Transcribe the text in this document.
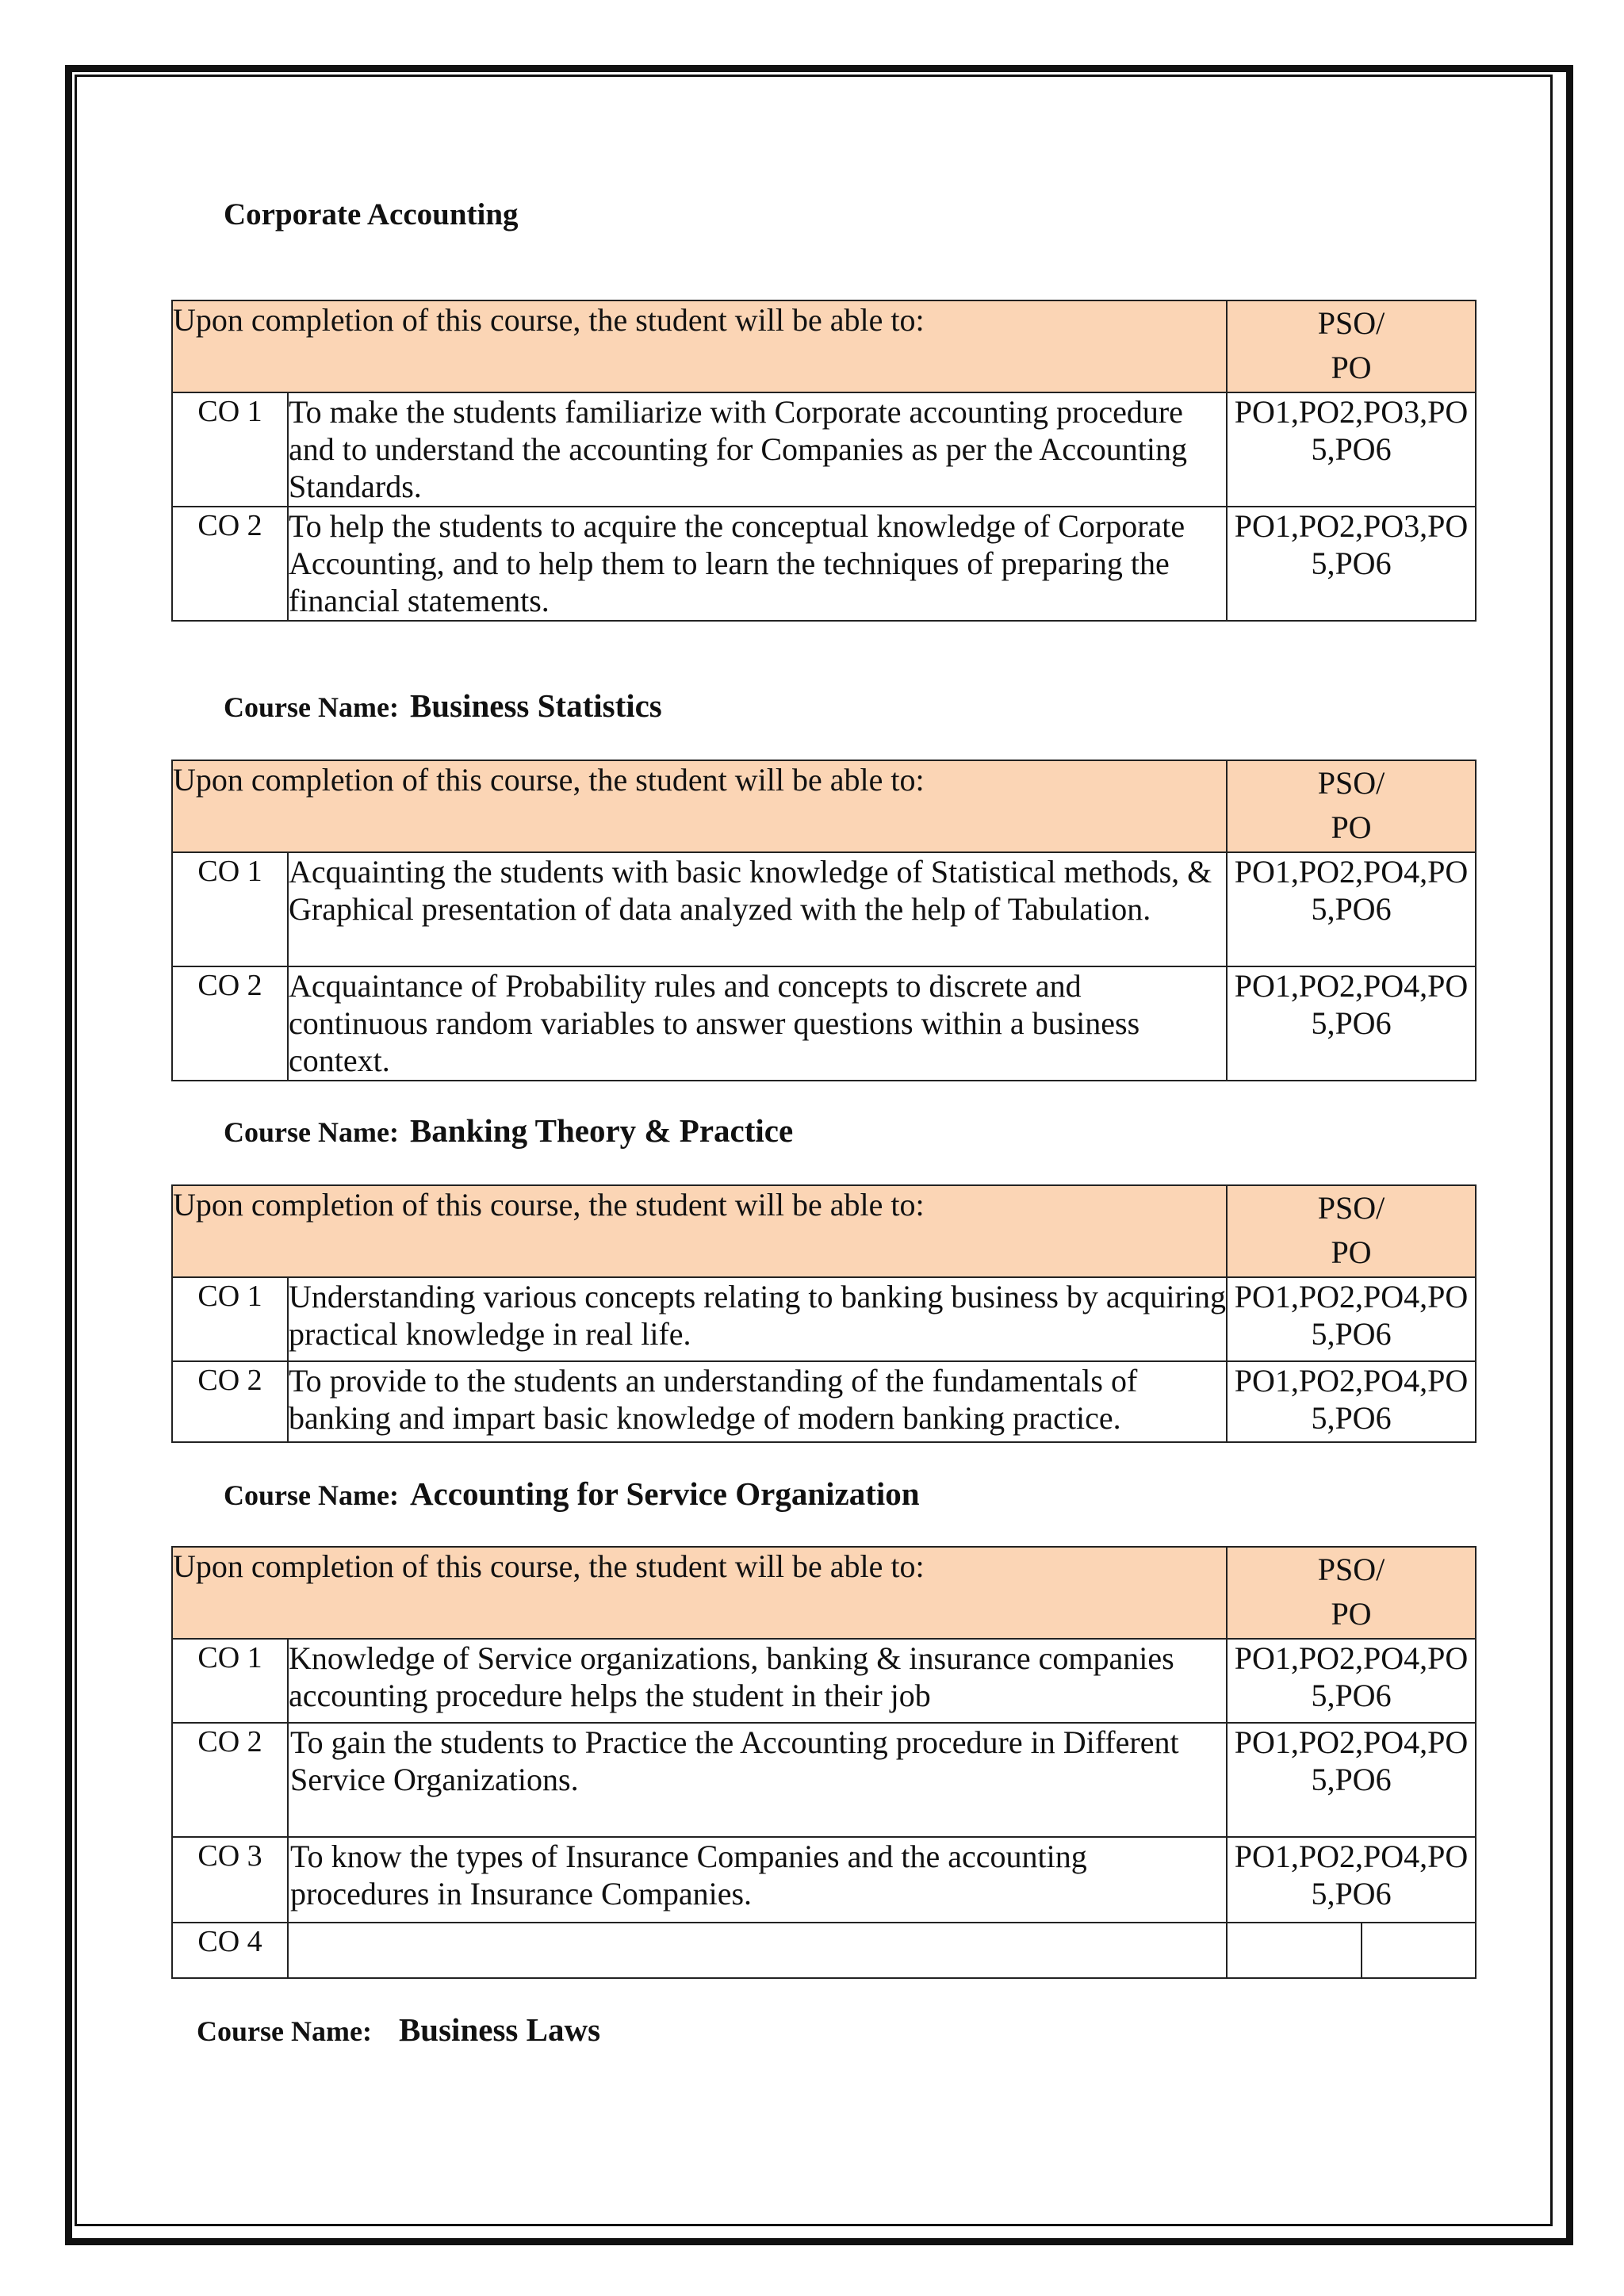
Corporate Accounting
Upon completion of this course, the student will be able to:		PSO/
PO

CO 1	To make the students familiarize with Corporate accounting procedure and to understand the accounting for Companies as per the Accounting Standards.	PO1,PO2,PO3,PO 5,PO6
CO 2	To help the students to acquire the conceptual knowledge of Corporate Accounting, and to help them to learn the techniques of preparing the financial statements.	PO1,PO2,PO3,PO 5,PO6
Course Name: Business Statistics
Upon completion of this course, the student will be able to:		PSO/
PO

CO 1	Acquainting the students with basic knowledge of Statistical methods, & Graphical presentation of data analyzed with the help of Tabulation.	PO1,PO2,PO4,PO 5,PO6
CO 2	Acquaintance of Probability rules and concepts to discrete and continuous random variables to answer questions within a business context.	PO1,PO2,PO4,PO 5,PO6
Course Name: Banking Theory & Practice
Upon completion of this course, the student will be able to:		PSO/
PO

CO 1	Understanding various concepts relating to banking business by acquiring practical knowledge in real life.	PO1,PO2,PO4,PO 5,PO6
CO 2	To provide to the students an understanding of the fundamentals of banking and impart basic knowledge of modern banking practice.	PO1,PO2,PO4,PO 5,PO6
Course Name: Accounting for Service Organization
Upon completion of this course, the student will be able to:		PSO/
PO	

CO 1	Knowledge of Service organizations, banking & insurance companies accounting procedure helps the student in their job	PO1,PO2,PO4,PO 5,PO6	
CO 2	To gain the students to Practice the Accounting procedure in Different Service Organizations.	PO1,PO2,PO4,PO 5,PO6	
CO 3	To know the types of Insurance Companies and the accounting procedures in Insurance Companies.	PO1,PO2,PO4,PO 5,PO6	
CO 4			
Course Name: Business Laws
